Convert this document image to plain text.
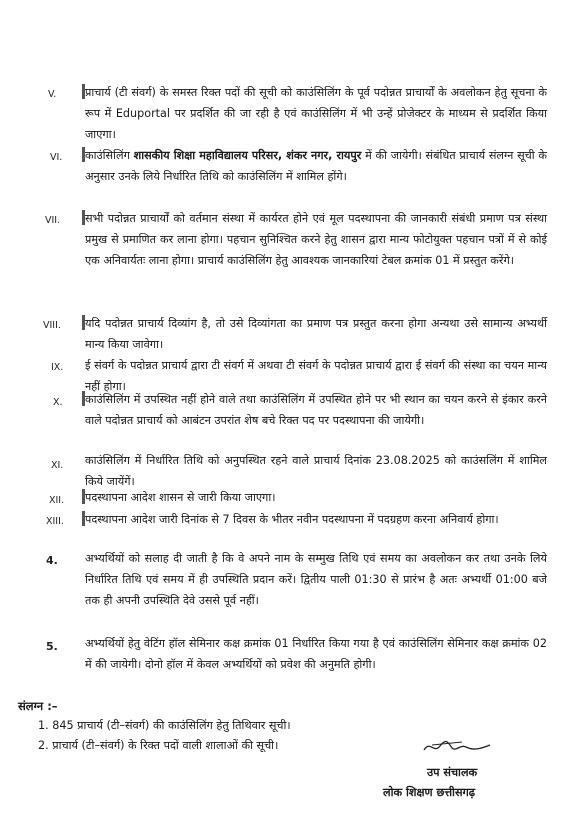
V.	प्राचार्य (टी संवर्ग) के समस्त रिक्त पदों की सूची को काउंसिलिंग के पूर्व पदोन्नत प्राचार्यों के अवलोकन हेतु सूचना के रूप में Eduportal पर प्रदर्शित की जा रही है एवं काउंसिलिंग में भी उन्हें प्रोजेक्टर के माध्यम से प्रदर्शित किया जाएगा।
VI. काउंसिलिंग शासकीय शिक्षा महाविद्यालय परिसर, शंकर नगर, रायपुर में की जायेगी। संबंधित प्राचार्य संलग्न सूची के अनुसार उनके लिये निर्धारित तिथि को काउंसिलिंग में शामिल होंगे।
VII. सभी पदोन्नत प्राचार्यों को वर्तमान संस्था में कार्यरत होने एवं मूल पदस्थापना की जानकारी संबंधी प्रमाण पत्र संस्था प्रमुख से प्रमाणित कर लाना होगा। पहचान सुनिश्चित करने हेतु शासन द्वारा मान्य फोटोयुक्त पहचान पत्रों में से कोई एक अनिवार्यतः लाना होगा। प्राचार्य काउंसिलिंग हेतु आवश्यक जानकारियां टेबल क्रमांक 01 में प्रस्तुत करेंगे।
VIII. यदि पदोन्नत प्राचार्य दिव्यांग है, तो उसे दिव्यांगता का प्रमाण पत्र प्रस्तुत करना होगा अन्यथा उसे सामान्य अभ्यर्थी मान्य किया जावेगा।
IX. ई संवर्ग के पदोन्नत प्राचार्य द्वारा टी संवर्ग में अथवा टी संवर्ग के पदोन्नत प्राचार्य द्वारा ई संवर्ग की संस्था का चयन मान्य नहीं होगा।
X. काउंसिलिंग में उपस्थित नहीं होने वाले तथा काउंसिलिंग में उपस्थित होने पर भी स्थान का चयन करने से इंकार करने वाले पदोन्नत प्राचार्य को आबंटन उपरांत शेष बचे रिक्त पद पर पदस्थापना की जायेगी।
XI. काउंसिलिंग में निर्धारित तिथि को अनुपस्थित रहने वाले प्राचार्य दिनांक 23.08.2025 को काउंसलिंग में शामिल किये जायेंगें।
XII. पदस्थापना आदेश शासन से जारी किया जाएगा।
XIII. पदस्थापना आदेश जारी दिनांक से 7 दिवस के भीतर नवीन पदस्थापना में पदग्रहण करना अनिवार्य होगा।
4. अभ्यर्थियों को सलाह दी जाती है कि वे अपने नाम के सम्मुख तिथि एवं समय का अवलोकन कर तथा उनके लिये निर्धारित तिथि एवं समय में ही उपस्थिति प्रदान करें। द्वितीय पाली 01:30 से प्रारंभ है अतः अभ्यर्थी 01:00 बजे तक ही अपनी उपस्थिति देवे उससे पूर्व नहीं।
5. अभ्यर्थियों हेतु वेटिंग हॉल सेमिनार कक्ष क्रमांक 01 निर्धारित किया गया है एवं काउंसिलिंग सेमिनार कक्ष क्रमांक 02 में की जायेगी। दोनो हॉल में केवल अभ्यर्थियों को प्रवेश की अनुमति होगी।
संलग्न :–
1. 845 प्राचार्य (टी–संवर्ग) की काउंसिलिंग हेतु तिथिवार सूची।
2. प्राचार्य (टी–संवर्ग) के रिक्त पदों वाली शालाओं की सूची।
उप संचालक
लोक शिक्षण छत्तीसगढ़
